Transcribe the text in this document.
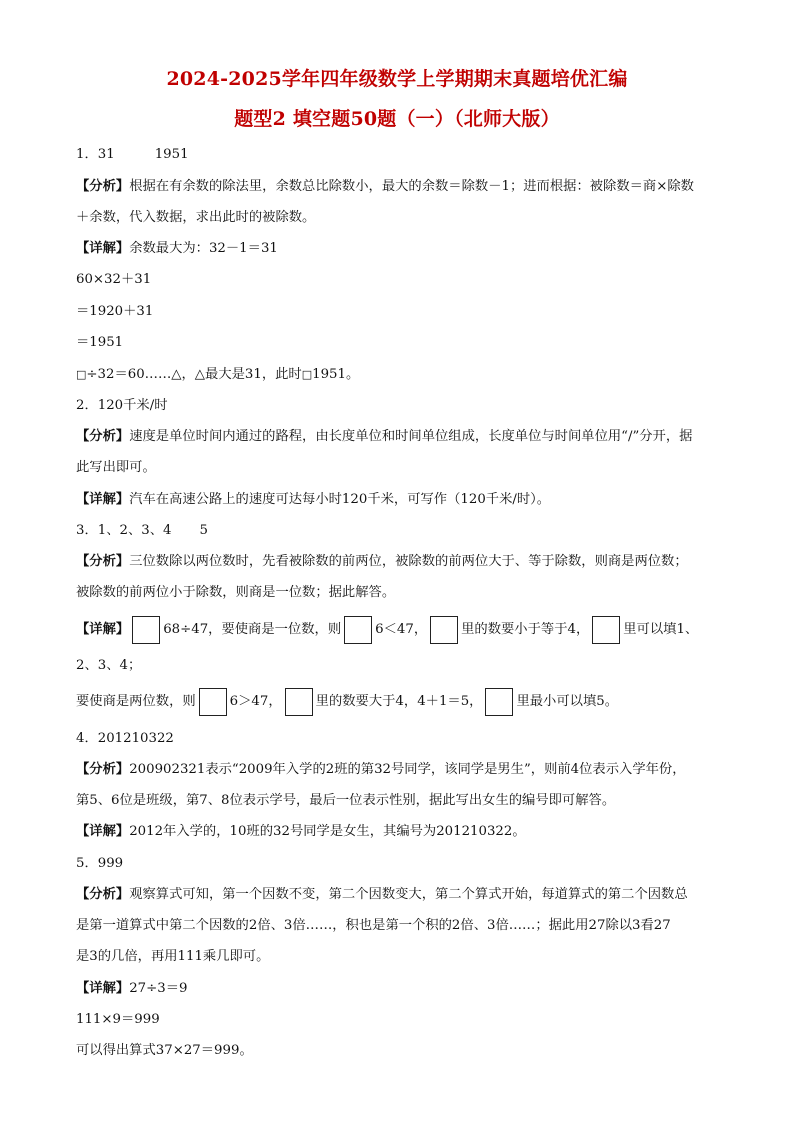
2024-2025学年四年级数学上学期期末真题培优汇编
题型2 填空题50题（一）（北师大版）
1．31	1951
【分析】根据在有余数的除法里，余数总比除数小，最大的余数＝除数－1；进而根据：被除数＝商×除数
＋余数，代入数据，求出此时的被除数。
【详解】余数最大为：32－1＝31
60×32＋31
＝1920＋31
＝1951
□÷32＝60……△，△最大是31，此时□1951。
2．120千米/时
【分析】速度是单位时间内通过的路程，由长度单位和时间单位组成，长度单位与时间单位用“/”分开，据
此写出即可。
【详解】汽车在高速公路上的速度可达每小时120千米，可写作（120千米/时）。
3．1、2、3、4 5
【分析】三位数除以两位数时，先看被除数的前两位，被除数的前两位大于、等于除数，则商是两位数；
被除数的前两位小于除数，则商是一位数；据此解答。
【详解】	68÷47，要使商是一位数，则	6＜47，	里的数要小于等于4，	里可以填1、
2、3、4；
要使商是两位数，则	6＞47，	里的数要大于4，4＋1＝5，	里最小可以填5。
4．201210322
【分析】200902321表示“2009年入学的2班的第32号同学，该同学是男生”，则前4位表示入学年份，
第5、6位是班级，第7、8位表示学号，最后一位表示性别，据此写出女生的编号即可解答。
【详解】2012年入学的，10班的32号同学是女生，其编号为201210322。
5．999
【分析】观察算式可知，第一个因数不变，第二个因数变大，第二个算式开始，每道算式的第二个因数总
是第一道算式中第二个因数的2倍、3倍……，积也是第一个积的2倍、3倍……；据此用27除以3看27
是3的几倍，再用111乘几即可。
【详解】27÷3＝9
111×9＝999
可以得出算式37×27＝999。
